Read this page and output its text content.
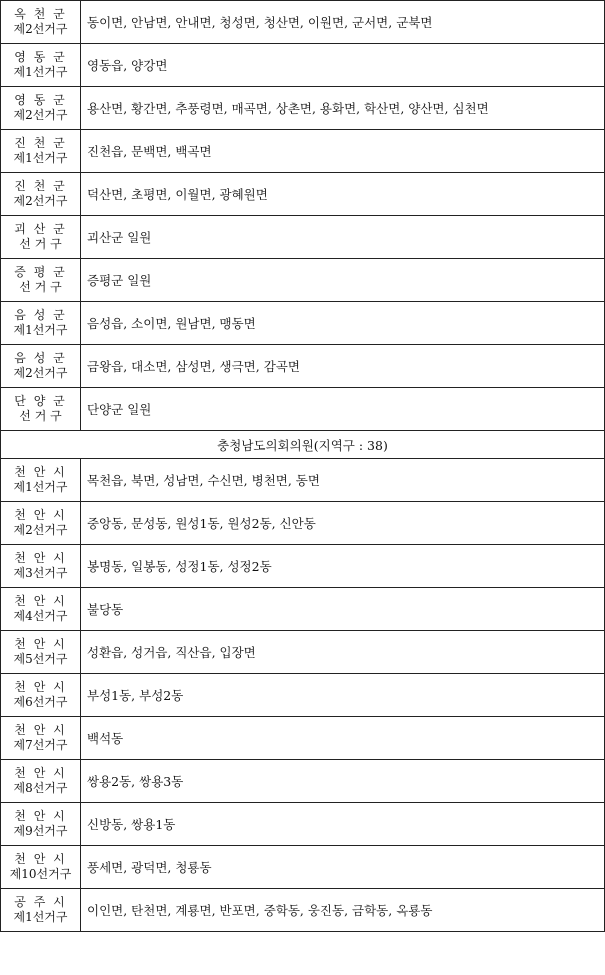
옥 천 군
제2선거구	동이면, 안남면, 안내면, 청성면, 청산면, 이원면, 군서면, 군북면

영 동 군
제1선거구	영동읍, 양강면

영 동 군
제2선거구	용산면, 황간면, 추풍령면, 매곡면, 상촌면, 용화면, 학산면, 양산면, 심천면

진 천 군
제1선거구	진천읍, 문백면, 백곡면

진 천 군
제2선거구	덕산면, 초평면, 이월면, 광혜원면

괴 산 군
선 거 구	괴산군 일원

증 평 군
선 거 구	증평군 일원

음 성 군
제1선거구	음성읍, 소이면, 원남면, 맹동면

음 성 군
제2선거구	금왕읍, 대소면, 삼성면, 생극면, 감곡면

단 양 군
선 거 구	단양군 일원
충청남도의회의원(지역구 : 38)	

천 안 시
제1선거구	목천읍, 북면, 성남면, 수신면, 병천면, 동면

천 안 시
제2선거구	중앙동, 문성동, 원성1동, 원성2동, 신안동

천 안 시
제3선거구	봉명동, 일봉동, 성정1동, 성정2동

천 안 시
제4선거구	불당동

천 안 시
제5선거구	성환읍, 성거읍, 직산읍, 입장면

천 안 시
제6선거구	부성1동, 부성2동

천 안 시
제7선거구	백석동

천 안 시
제8선거구	쌍용2동, 쌍용3동

천 안 시
제9선거구	신방동, 쌍용1동

천 안 시
제10선거구	풍세면, 광덕면, 청룡동

공 주 시
제1선거구	이인면, 탄천면, 계룡면, 반포면, 중학동, 웅진동, 금학동, 옥룡동
